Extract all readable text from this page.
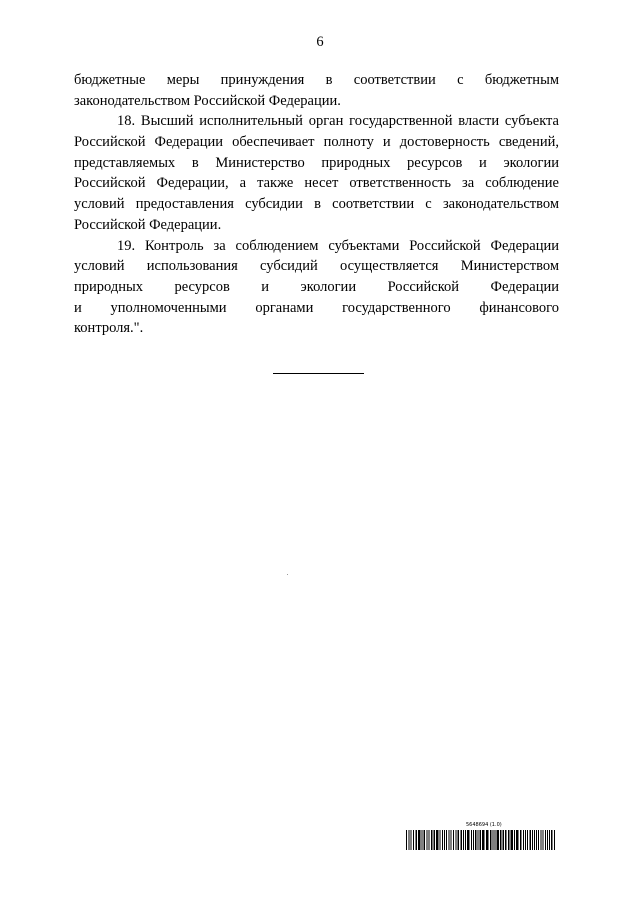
6

бюджетные меры принуждения в соответствии с бюджетным
законодательством Российской Федерации.

18. Высший исполнительный орган государственной власти субъекта
Российской Федерации обеспечивает полноту и достоверность сведений,
представляемых в Министерство природных ресурсов и экологии
Российской Федерации, а также несет ответственность за соблюдение
условий предоставления субсидии в соответствии с законодательством
Российской Федерации.

19. Контроль за соблюдением субъектами Российской Федерации
условий использования субсидий осуществляется Министерством
природных ресурсов и экологии Российской Федерации
и уполномоченными органами государственного финансового
контроля.".

5648694 (1.0)
